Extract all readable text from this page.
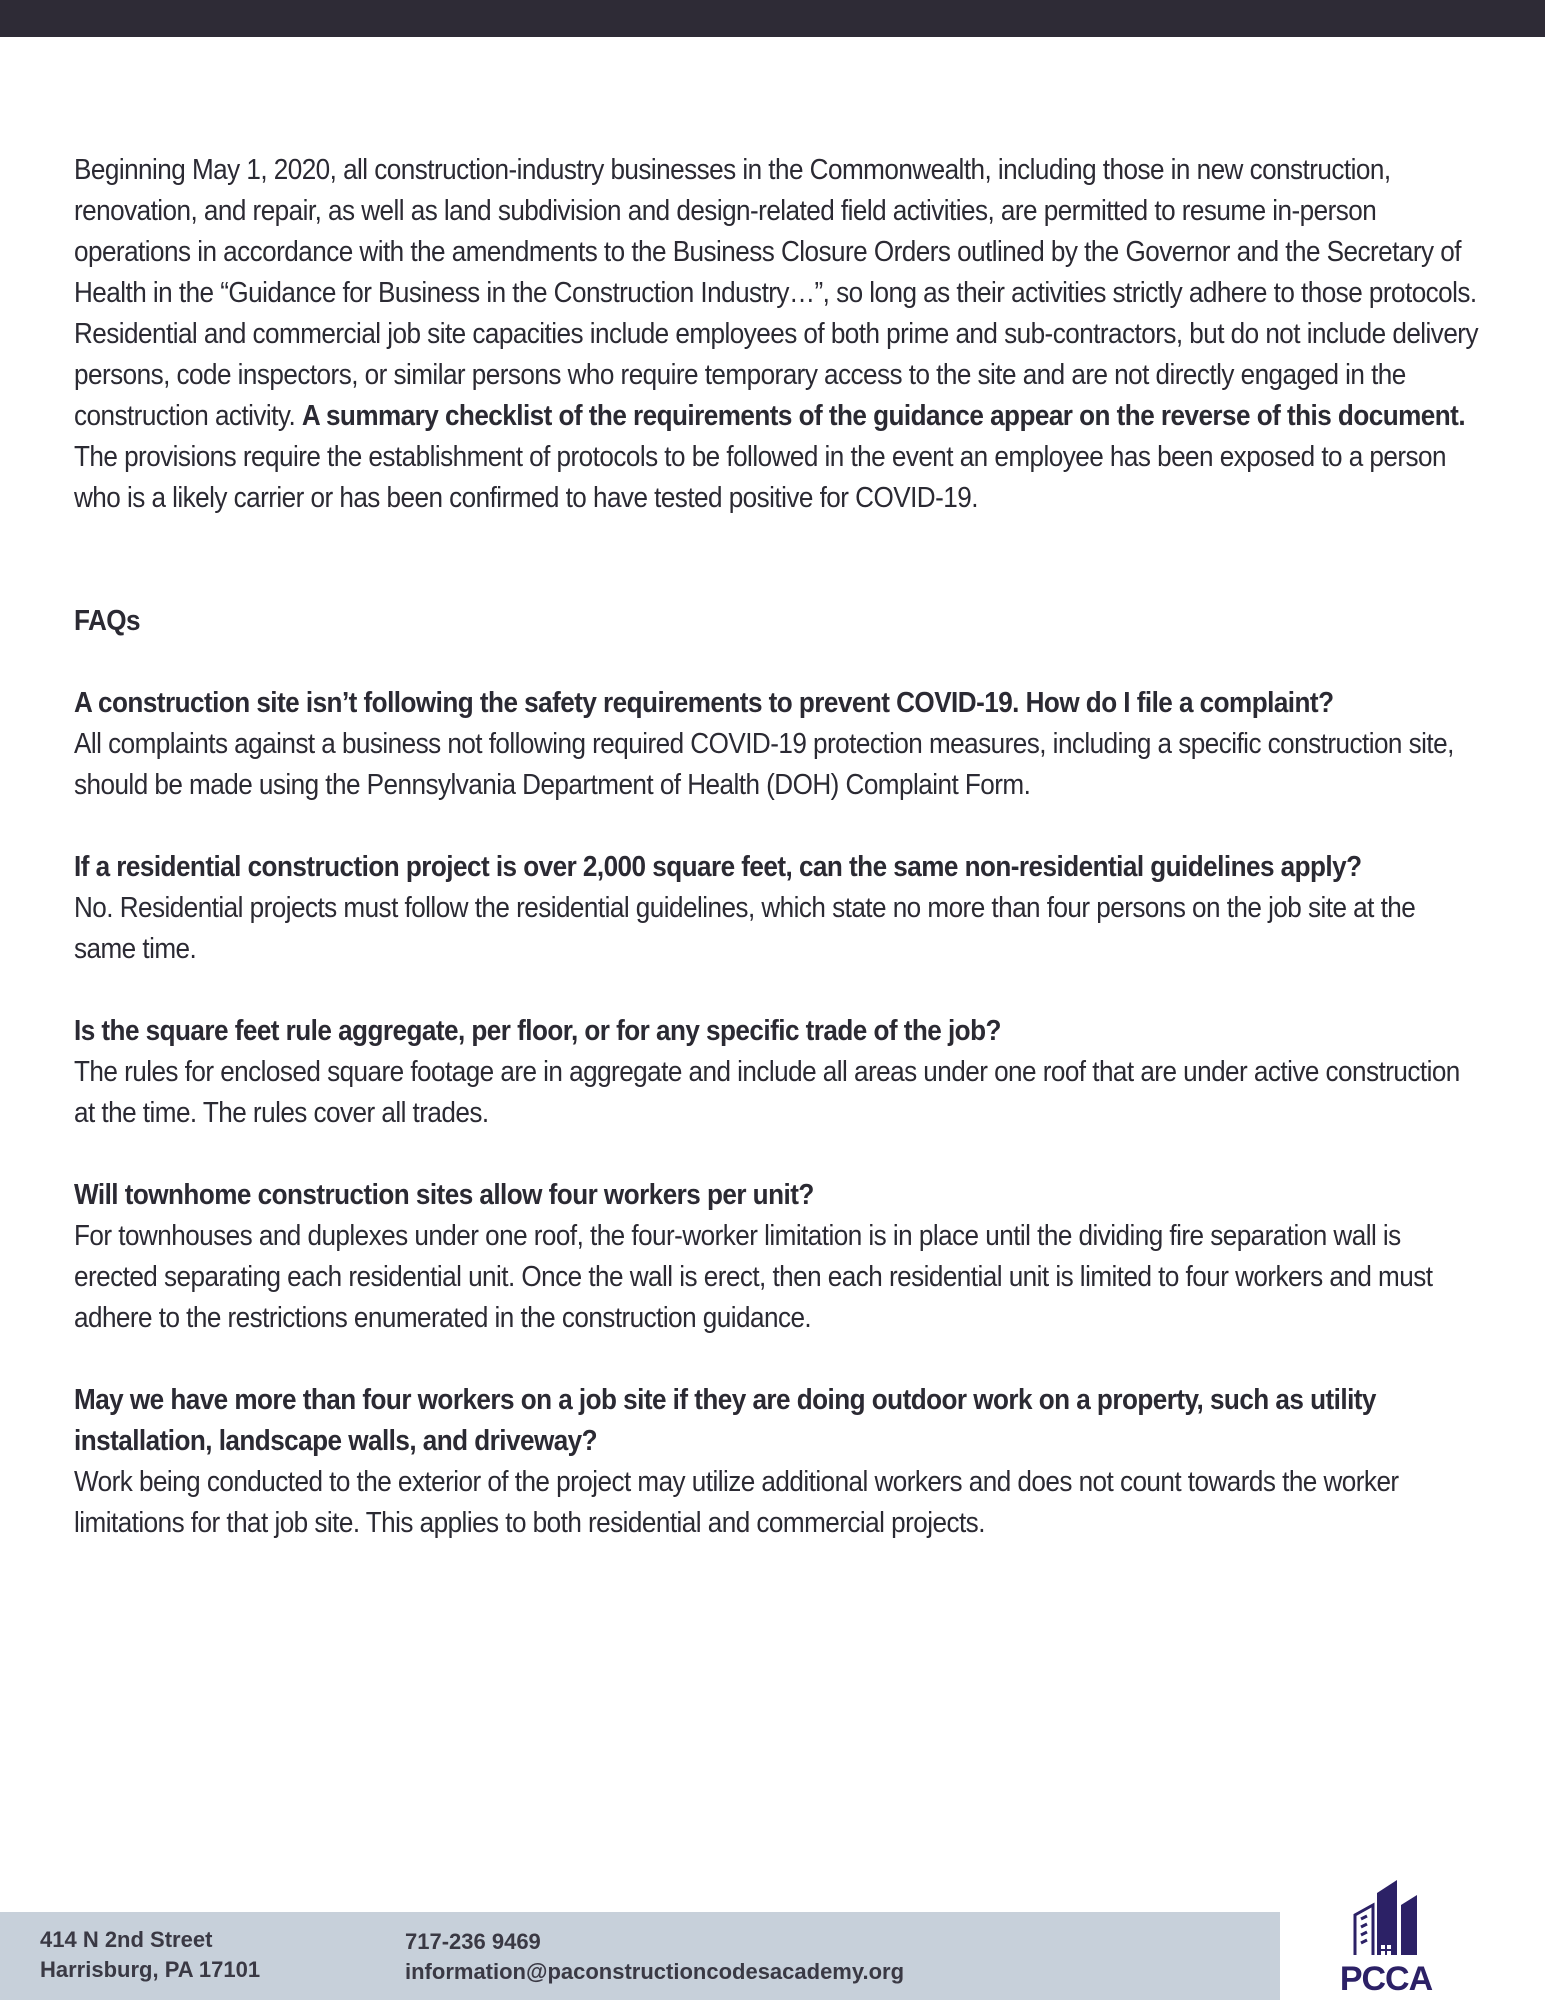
Beginning May 1, 2020, all construction-industry businesses in the Commonwealth, including those in new construction, renovation, and repair, as well as land subdivision and design-related field activities, are permitted to resume in-person operations in accordance with the amendments to the Business Closure Orders outlined by the Governor and the Secretary of Health in the “Guidance for Business in the Construction Industry…”, so long as their activities strictly adhere to those protocols. Residential and commercial job site capacities include employees of both prime and sub-contractors, but do not include delivery persons, code inspectors, or similar persons who require temporary access to the site and are not directly engaged in the construction activity. A summary checklist of the requirements of the guidance appear on the reverse of this document. The provisions require the establishment of protocols to be followed in the event an employee has been exposed to a person who is a likely carrier or has been confirmed to have tested positive for COVID-19.

FAQs

A construction site isn’t following the safety requirements to prevent COVID-19. How do I file a complaint?

All complaints against a business not following required COVID-19 protection measures, including a specific construction site, should be made using the Pennsylvania Department of Health (DOH) Complaint Form.

If a residential construction project is over 2,000 square feet, can the same non-residential guidelines apply?

No. Residential projects must follow the residential guidelines, which state no more than four persons on the job site at the same time.

Is the square feet rule aggregate, per floor, or for any specific trade of the job?

The rules for enclosed square footage are in aggregate and include all areas under one roof that are under active construction at the time. The rules cover all trades.

Will townhome construction sites allow four workers per unit?

For townhouses and duplexes under one roof, the four-worker limitation is in place until the dividing fire separation wall is erected separating each residential unit. Once the wall is erect, then each residential unit is limited to four workers and must adhere to the restrictions enumerated in the construction guidance.

May we have more than four workers on a job site if they are doing outdoor work on a property, such as utility installation, landscape walls, and driveway?

Work being conducted to the exterior of the project may utilize additional workers and does not count towards the worker limitations for that job site. This applies to both residential and commercial projects.

414 N 2nd Street
Harrisburg, PA 17101
717-236 9469
information@paconstructioncodesacademy.org	PCCA
